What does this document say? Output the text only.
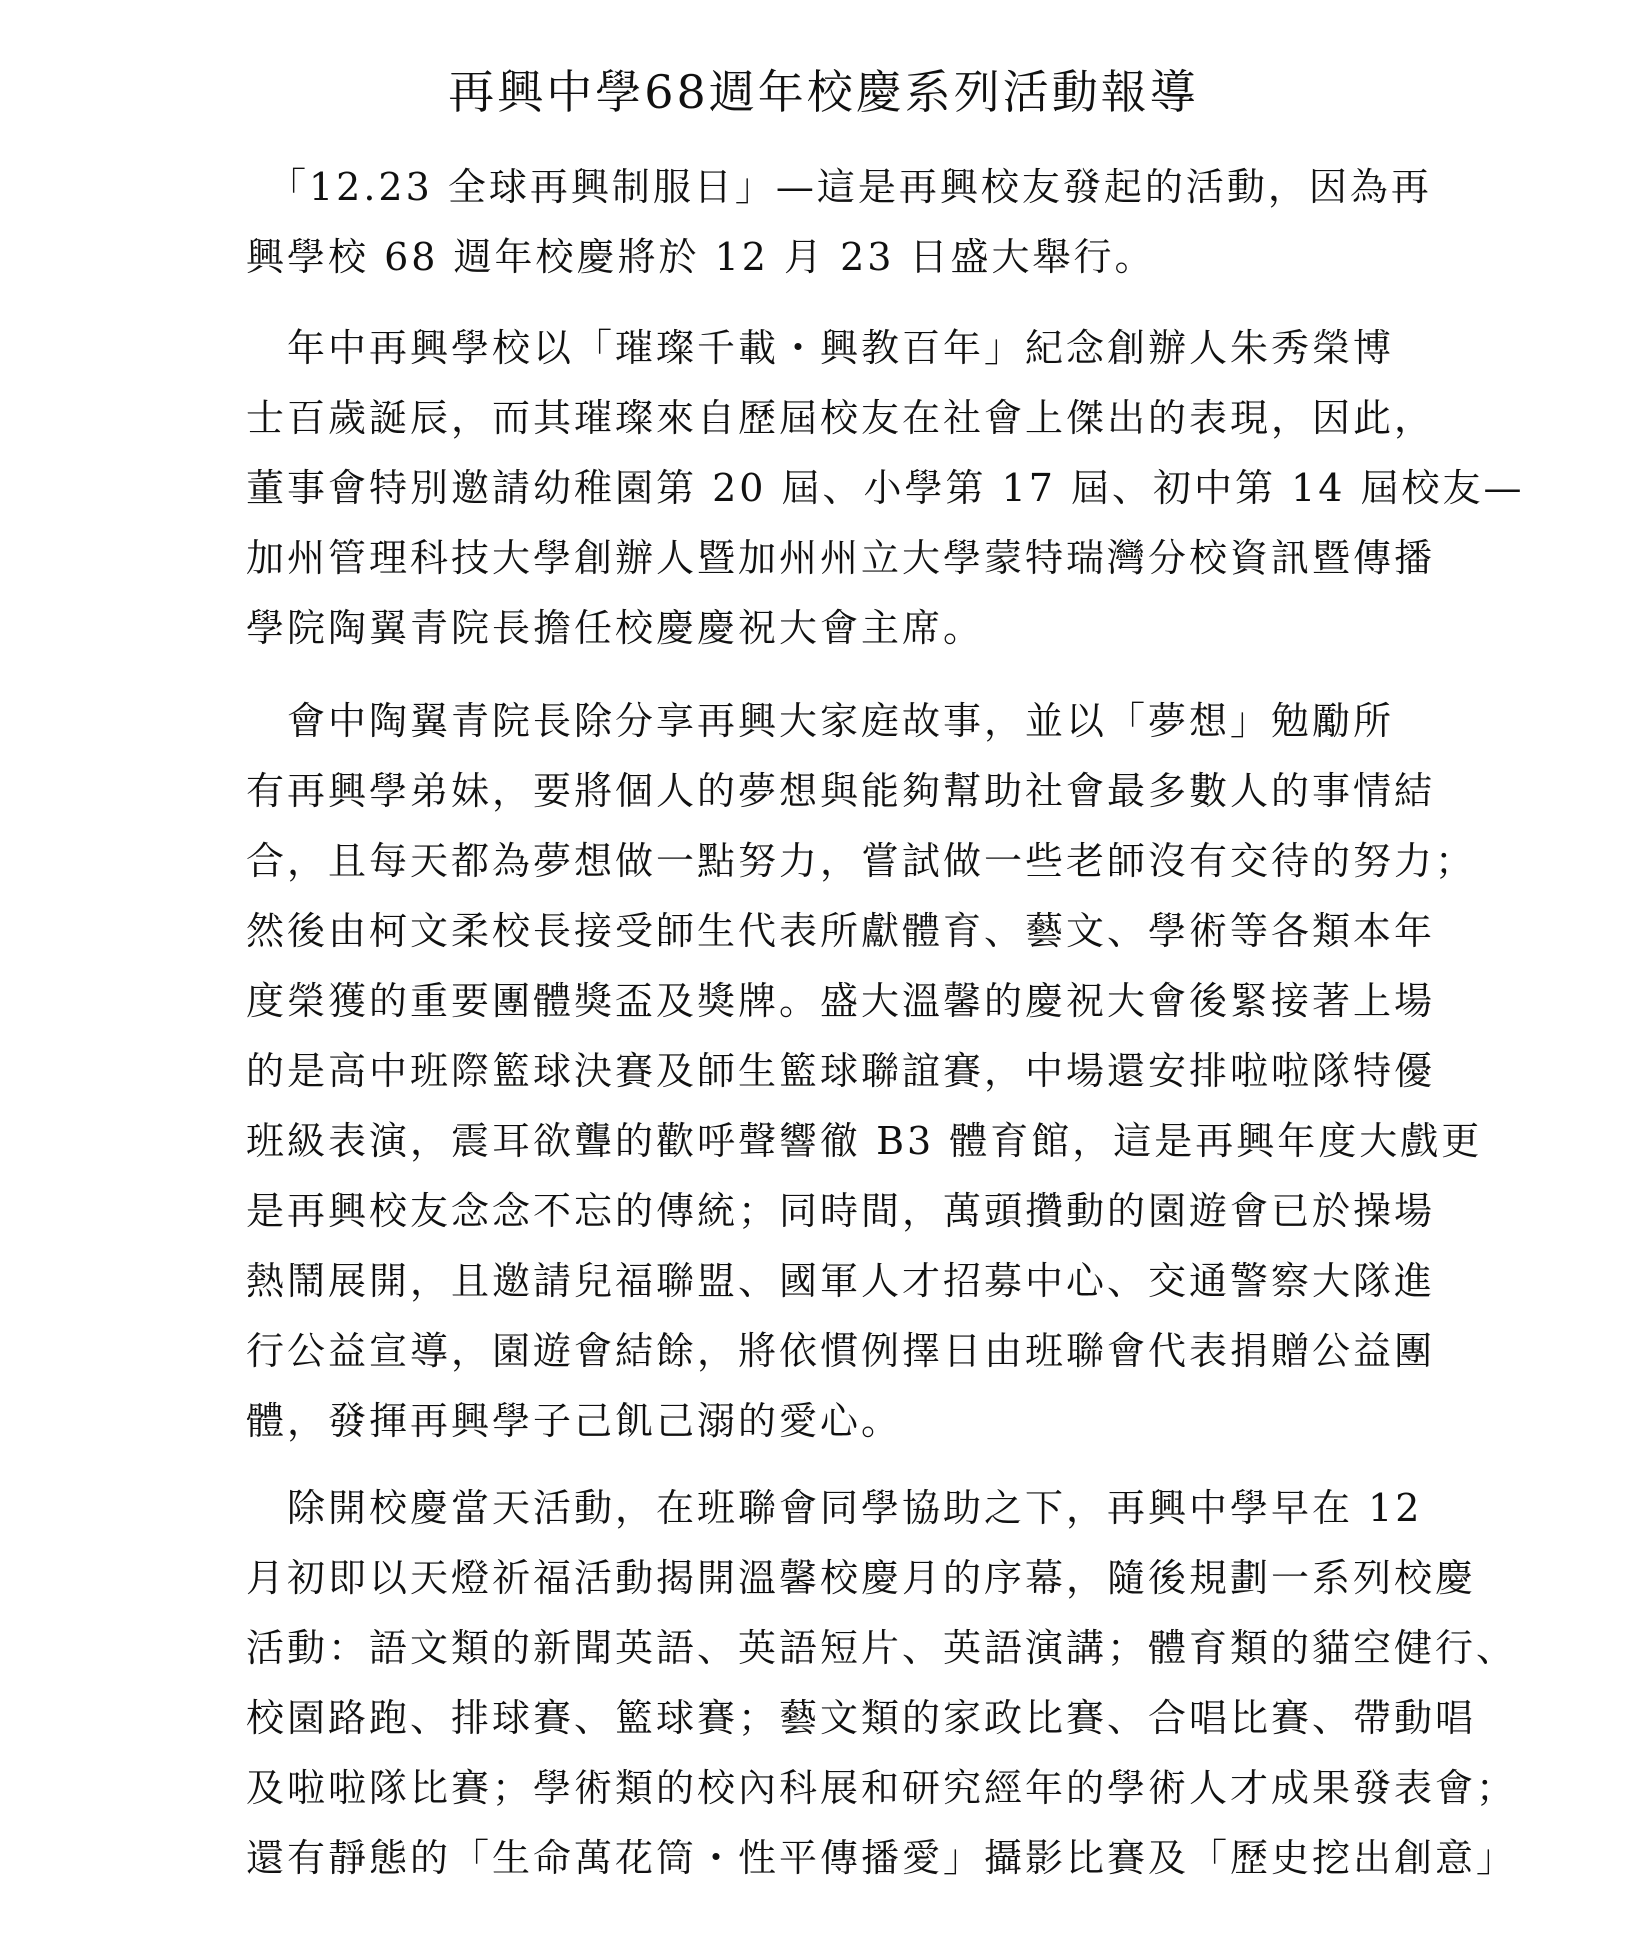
再興中學68週年校慶系列活動報導

　「12.23 全球再興制服日」—這是再興校友發起的活動，因為再
興學校 68 週年校慶將於 12 月 23 日盛大舉行。

　年中再興學校以「璀璨千載・興教百年」紀念創辦人朱秀榮博
士百歲誕辰，而其璀璨來自歷屆校友在社會上傑出的表現，因此，
董事會特別邀請幼稚園第 20 屆、小學第 17 屆、初中第 14 屆校友—
加州管理科技大學創辦人暨加州州立大學蒙特瑞灣分校資訊暨傳播
學院陶翼青院長擔任校慶慶祝大會主席。

　會中陶翼青院長除分享再興大家庭故事，並以「夢想」勉勵所
有再興學弟妹，要將個人的夢想與能夠幫助社會最多數人的事情結
合，且每天都為夢想做一點努力，嘗試做一些老師沒有交待的努力；
然後由柯文柔校長接受師生代表所獻體育、藝文、學術等各類本年
度榮獲的重要團體獎盃及獎牌。盛大溫馨的慶祝大會後緊接著上場
的是高中班際籃球決賽及師生籃球聯誼賽，中場還安排啦啦隊特優
班級表演，震耳欲聾的歡呼聲響徹 B3 體育館，這是再興年度大戲更
是再興校友念念不忘的傳統；同時間，萬頭攢動的園遊會已於操場
熱鬧展開，且邀請兒福聯盟、國軍人才招募中心、交通警察大隊進
行公益宣導，園遊會結餘，將依慣例擇日由班聯會代表捐贈公益團
體，發揮再興學子己飢己溺的愛心。

　除開校慶當天活動，在班聯會同學協助之下，再興中學早在 12
月初即以天燈祈福活動揭開溫馨校慶月的序幕，隨後規劃一系列校慶
活動：語文類的新聞英語、英語短片、英語演講；體育類的貓空健行、
校園路跑、排球賽、籃球賽；藝文類的家政比賽、合唱比賽、帶動唱
及啦啦隊比賽；學術類的校內科展和研究經年的學術人才成果發表會；
還有靜態的「生命萬花筒・性平傳播愛」攝影比賽及「歷史挖出創意」
